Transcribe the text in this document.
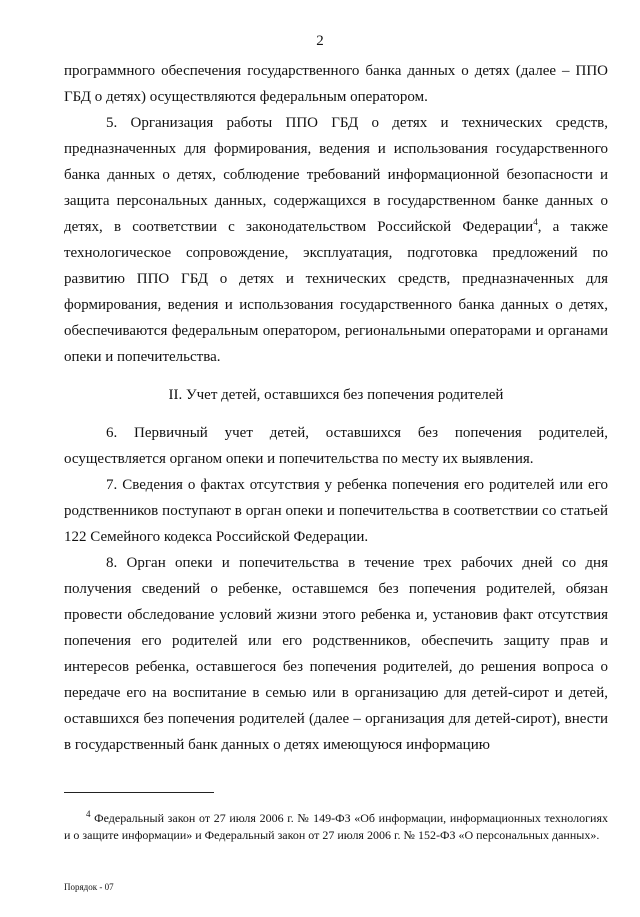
2

программного обеспечения государственного банка данных о детях (далее – ППО ГБД о детях) осуществляются федеральным оператором.

5. Организация работы ППО ГБД о детях и технических средств, предназначенных для формирования, ведения и использования государственного банка данных о детях, соблюдение требований информационной безопасности и защита персональных данных, содержащихся в государственном банке данных о детях, в соответствии с законодательством Российской Федерации$^4$, а также технологическое сопровождение, эксплуатация, подготовка предложений по развитию ППО ГБД о детях и технических средств, предназначенных для формирования, ведения и использования государственного банка данных о детях, обеспечиваются федеральным оператором, региональными операторами и органами опеки и попечительства.

II. Учет детей, оставшихся без попечения родителей

6. Первичный учет детей, оставшихся без попечения родителей, осуществляется органом опеки и попечительства по месту их выявления.

7. Сведения о фактах отсутствия у ребенка попечения его родителей или его родственников поступают в орган опеки и попечительства в соответствии со статьей 122 Семейного кодекса Российской Федерации.

8. Орган опеки и попечительства в течение трех рабочих дней со дня получения сведений о ребенке, оставшемся без попечения родителей, обязан провести обследование условий жизни этого ребенка и, установив факт отсутствия попечения его родителей или его родственников, обеспечить защиту прав и интересов ребенка, оставшегося без попечения родителей, до решения вопроса о передаче его на воспитание в семью или в организацию для детей-сирот и детей, оставшихся без попечения родителей (далее – организация для детей-сирот), внести в государственный банк данных о детях имеющуюся информацию

$^4$ Федеральный закон от 27 июля 2006 г. № 149-ФЗ «Об информации, информационных технологиях и о защите информации» и Федеральный закон от 27 июля 2006 г. № 152-ФЗ «О персональных данных».
Порядок - 07
